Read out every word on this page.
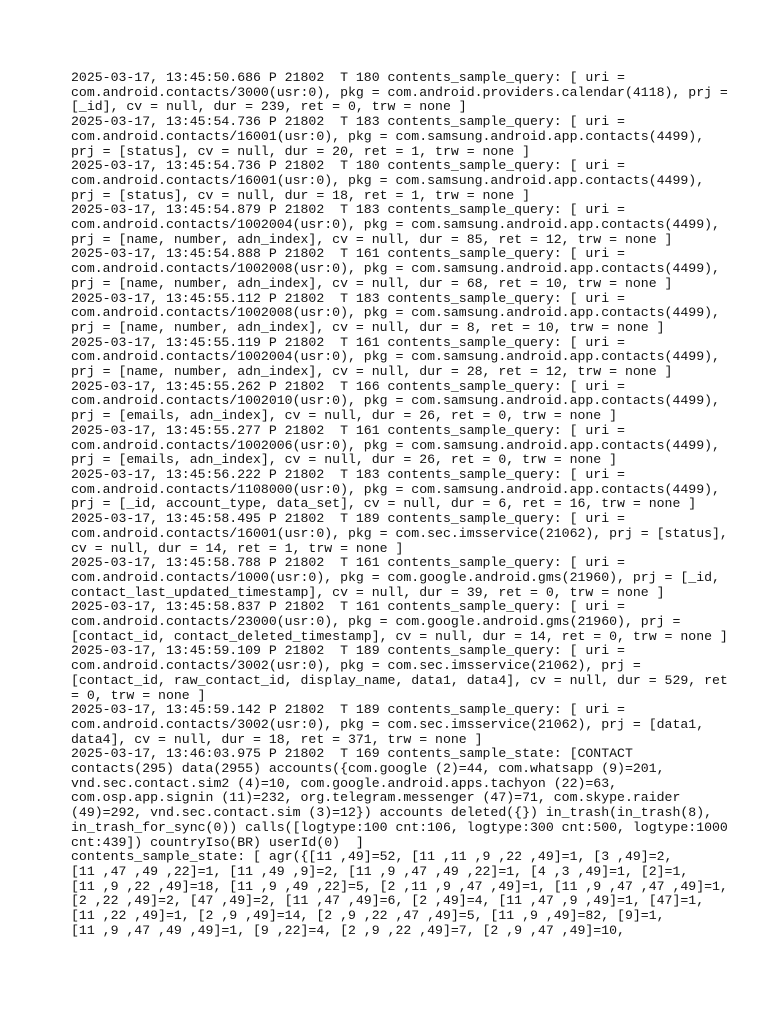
2025-03-17, 13:45:50.686 P 21802  T 180 contents_sample_query: [ uri =
com.android.contacts/3000(usr:0), pkg = com.android.providers.calendar(4118), prj =
[_id], cv = null, dur = 239, ret = 0, trw = none ]
2025-03-17, 13:45:54.736 P 21802  T 183 contents_sample_query: [ uri =
com.android.contacts/16001(usr:0), pkg = com.samsung.android.app.contacts(4499),
prj = [status], cv = null, dur = 20, ret = 1, trw = none ]
2025-03-17, 13:45:54.736 P 21802  T 180 contents_sample_query: [ uri =
com.android.contacts/16001(usr:0), pkg = com.samsung.android.app.contacts(4499),
prj = [status], cv = null, dur = 18, ret = 1, trw = none ]
2025-03-17, 13:45:54.879 P 21802  T 183 contents_sample_query: [ uri =
com.android.contacts/1002004(usr:0), pkg = com.samsung.android.app.contacts(4499),
prj = [name, number, adn_index], cv = null, dur = 85, ret = 12, trw = none ]
2025-03-17, 13:45:54.888 P 21802  T 161 contents_sample_query: [ uri =
com.android.contacts/1002008(usr:0), pkg = com.samsung.android.app.contacts(4499),
prj = [name, number, adn_index], cv = null, dur = 68, ret = 10, trw = none ]
2025-03-17, 13:45:55.112 P 21802  T 183 contents_sample_query: [ uri =
com.android.contacts/1002008(usr:0), pkg = com.samsung.android.app.contacts(4499),
prj = [name, number, adn_index], cv = null, dur = 8, ret = 10, trw = none ]
2025-03-17, 13:45:55.119 P 21802  T 161 contents_sample_query: [ uri =
com.android.contacts/1002004(usr:0), pkg = com.samsung.android.app.contacts(4499),
prj = [name, number, adn_index], cv = null, dur = 28, ret = 12, trw = none ]
2025-03-17, 13:45:55.262 P 21802  T 166 contents_sample_query: [ uri =
com.android.contacts/1002010(usr:0), pkg = com.samsung.android.app.contacts(4499),
prj = [emails, adn_index], cv = null, dur = 26, ret = 0, trw = none ]
2025-03-17, 13:45:55.277 P 21802  T 161 contents_sample_query: [ uri =
com.android.contacts/1002006(usr:0), pkg = com.samsung.android.app.contacts(4499),
prj = [emails, adn_index], cv = null, dur = 26, ret = 0, trw = none ]
2025-03-17, 13:45:56.222 P 21802  T 183 contents_sample_query: [ uri =
com.android.contacts/1108000(usr:0), pkg = com.samsung.android.app.contacts(4499),
prj = [_id, account_type, data_set], cv = null, dur = 6, ret = 16, trw = none ]
2025-03-17, 13:45:58.495 P 21802  T 189 contents_sample_query: [ uri =
com.android.contacts/16001(usr:0), pkg = com.sec.imsservice(21062), prj = [status],
cv = null, dur = 14, ret = 1, trw = none ]
2025-03-17, 13:45:58.788 P 21802  T 161 contents_sample_query: [ uri =
com.android.contacts/1000(usr:0), pkg = com.google.android.gms(21960), prj = [_id,
contact_last_updated_timestamp], cv = null, dur = 39, ret = 0, trw = none ]
2025-03-17, 13:45:58.837 P 21802  T 161 contents_sample_query: [ uri =
com.android.contacts/23000(usr:0), pkg = com.google.android.gms(21960), prj =
[contact_id, contact_deleted_timestamp], cv = null, dur = 14, ret = 0, trw = none ]
2025-03-17, 13:45:59.109 P 21802  T 189 contents_sample_query: [ uri =
com.android.contacts/3002(usr:0), pkg = com.sec.imsservice(21062), prj =
[contact_id, raw_contact_id, display_name, data1, data4], cv = null, dur = 529, ret
= 0, trw = none ]
2025-03-17, 13:45:59.142 P 21802  T 189 contents_sample_query: [ uri =
com.android.contacts/3002(usr:0), pkg = com.sec.imsservice(21062), prj = [data1,
data4], cv = null, dur = 18, ret = 371, trw = none ]
2025-03-17, 13:46:03.975 P 21802  T 169 contents_sample_state: [CONTACT
contacts(295) data(2955) accounts({com.google (2)=44, com.whatsapp (9)=201,
vnd.sec.contact.sim2 (4)=10, com.google.android.apps.tachyon (22)=63,
com.osp.app.signin (11)=232, org.telegram.messenger (47)=71, com.skype.raider
(49)=292, vnd.sec.contact.sim (3)=12}) accounts deleted({}) in_trash(in_trash(8),
in_trash_for_sync(0)) calls([logtype:100 cnt:106, logtype:300 cnt:500, logtype:1000
cnt:439]) countryIso(BR) userId(0)  ]
contents_sample_state: [ agr({[11 ,49]=52, [11 ,11 ,9 ,22 ,49]=1, [3 ,49]=2,
[11 ,47 ,49 ,22]=1, [11 ,49 ,9]=2, [11 ,9 ,47 ,49 ,22]=1, [4 ,3 ,49]=1, [2]=1,
[11 ,9 ,22 ,49]=18, [11 ,9 ,49 ,22]=5, [2 ,11 ,9 ,47 ,49]=1, [11 ,9 ,47 ,47 ,49]=1,
[2 ,22 ,49]=2, [47 ,49]=2, [11 ,47 ,49]=6, [2 ,49]=4, [11 ,47 ,9 ,49]=1, [47]=1,
[11 ,22 ,49]=1, [2 ,9 ,49]=14, [2 ,9 ,22 ,47 ,49]=5, [11 ,9 ,49]=82, [9]=1,
[11 ,9 ,47 ,49 ,49]=1, [9 ,22]=4, [2 ,9 ,22 ,49]=7, [2 ,9 ,47 ,49]=10,
